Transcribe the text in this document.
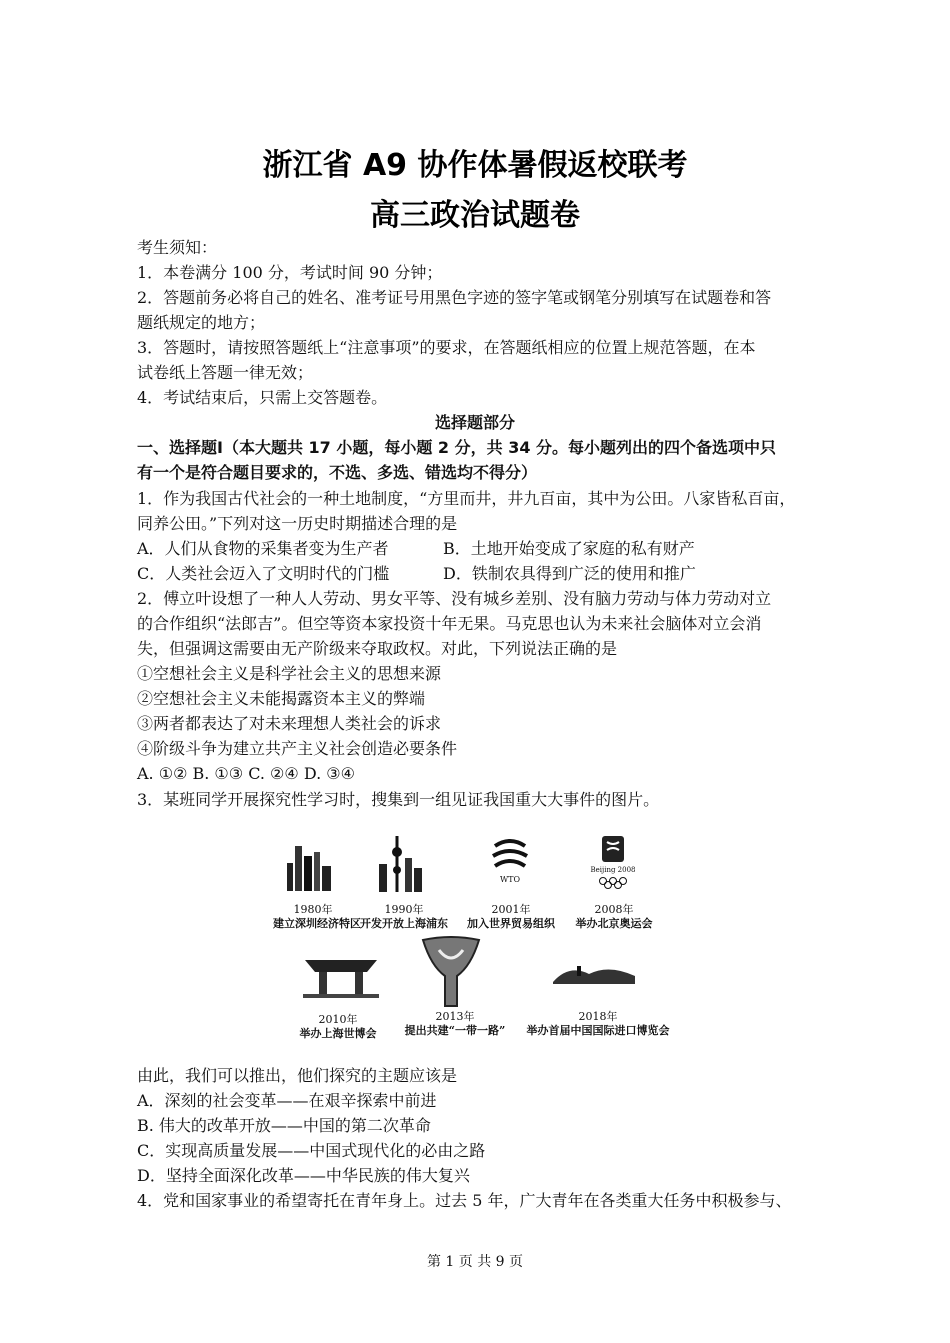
浙江省 A9 协作体暑假返校联考
高三政治试题卷
考生须知：
1．本卷满分 100 分，考试时间 90 分钟；
2．答题前务必将自己的姓名、准考证号用黑色字迹的签字笔或钢笔分别填写在试题卷和答
题纸规定的地方；
3．答题时，请按照答题纸上“注意事项”的要求，在答题纸相应的位置上规范答题，在本
试卷纸上答题一律无效；
4．考试结束后，只需上交答题卷。
选择题部分
一、选择题Ⅰ（本大题共 17 小题，每小题 2 分，共 34 分。每小题列出的四个备选项中只
有一个是符合题目要求的，不选、多选、错选均不得分）
1．作为我国古代社会的一种土地制度，“方里而井，井九百亩，其中为公田。八家皆私百亩，
同养公田。”下列对这一历史时期描述合理的是
A．人们从食物的采集者变为生产者	B．土地开始变成了家庭的私有财产
C．人类社会迈入了文明时代的门槛	D．铁制农具得到广泛的使用和推广
2．傅立叶设想了一种人人劳动、男女平等、没有城乡差别、没有脑力劳动与体力劳动对立
的合作组织“法郎吉”。但空等资本家投资十年无果。马克思也认为未来社会脑体对立会消
失，但强调这需要由无产阶级来夺取政权。对此，下列说法正确的是
①空想社会主义是科学社会主义的思想来源
②空想社会主义未能揭露资本主义的弊端
③两者都表达了对未来理想人类社会的诉求
④阶级斗争为建立共产主义社会创造必要条件
A. ①② B. ①③ C. ②④ D. ③④
3．某班同学开展探究性学习时，搜集到一组见证我国重大大事件的图片。
WTO
Beijing 2008
1980年
建立深圳经济特区
1990年
开发开放上海浦东
2001年
加入世界贸易组织
2008年
举办北京奥运会
2010年
举办上海世博会
2013年
提出共建“一带一路”
2018年
举办首届中国国际进口博览会
由此，我们可以推出，他们探究的主题应该是
A．深刻的社会变革——在艰辛探索中前进
B. 伟大的改革开放——中国的第二次革命
C．实现高质量发展——中国式现代化的必由之路
D．坚持全面深化改革——中华民族的伟大复兴
4．党和国家事业的希望寄托在青年身上。过去 5 年，广大青年在各类重大任务中积极参与、
第 1 页 共 9 页
